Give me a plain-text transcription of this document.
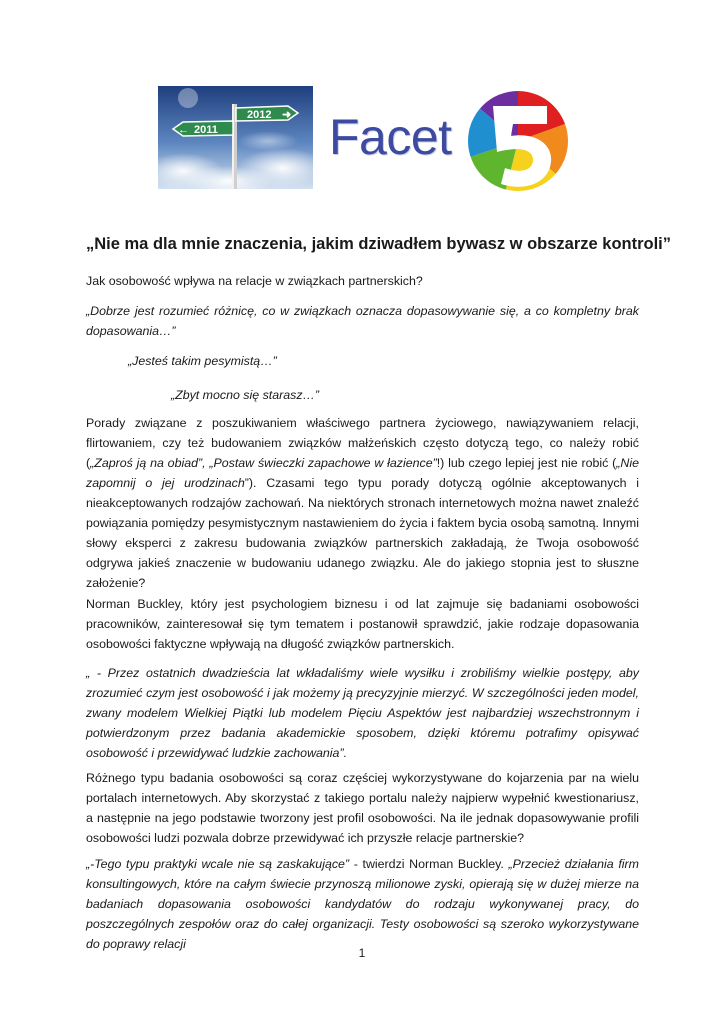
2012 ➜
← 2011 Facet
„Nie ma dla mnie znaczenia, jakim dziwadłem bywasz w obszarze kontroli”

Jak osobowość wpływa na relacje w związkach partnerskich?

„Dobrze jest rozumieć różnicę, co w związkach oznacza dopasowywanie się, a co kompletny brak dopasowania…”

„Jesteś takim pesymistą…”

„Zbyt mocno się starasz…”

Porady związane z poszukiwaniem właściwego partnera życiowego, nawiązywaniem relacji, flirtowaniem, czy też budowaniem związków małżeńskich często dotyczą tego, co należy robić („Zaproś ją na obiad”, „Postaw świeczki zapachowe w łazience”!) lub czego lepiej jest nie robić („Nie zapomnij o jej urodzinach”). Czasami tego typu porady dotyczą ogólnie akceptowanych i nieakceptowanych rodzajów zachowań. Na niektórych stronach internetowych można nawet znaleźć powiązania pomiędzy pesymistycznym nastawieniem do życia i faktem bycia osobą samotną. Innymi słowy eksperci z zakresu budowania związków partnerskich zakładają, że Twoja osobowość odgrywa jakieś znaczenie w budowaniu udanego związku. Ale do jakiego stopnia jest to słuszne założenie?

Norman Buckley, który jest psychologiem biznesu i od lat zajmuje się badaniami osobowości pracowników, zainteresował się tym tematem i postanowił sprawdzić, jakie rodzaje dopasowania osobowości faktyczne wpływają na długość związków partnerskich.

„ - Przez ostatnich dwadzieścia lat wkładaliśmy wiele wysiłku i zrobiliśmy wielkie postępy, aby zrozumieć czym jest osobowość i jak możemy ją precyzyjnie mierzyć. W szczególności jeden model, zwany modelem Wielkiej Piątki lub modelem Pięciu Aspektów jest najbardziej wszechstronnym i potwierdzonym przez badania akademickie sposobem, dzięki któremu potrafimy opisywać osobowość i przewidywać ludzkie zachowania”.

Różnego typu badania osobowości są coraz częściej wykorzystywane do kojarzenia par na wielu portalach internetowych. Aby skorzystać z takiego portalu należy najpierw wypełnić kwestionariusz, a następnie na jego podstawie tworzony jest profil osobowości. Na ile jednak dopasowywanie profili osobowości ludzi pozwala dobrze przewidywać ich przyszłe relacje partnerskie?

„-Tego typu praktyki wcale nie są zaskakujące” - twierdzi Norman Buckley. „Przecież działania firm konsultingowych, które na całym świecie przynoszą milionowe zyski, opierają się w dużej mierze na badaniach dopasowania osobowości kandydatów do rodzaju wykonywanej pracy, do poszczególnych zespołów oraz do całej organizacji. Testy osobowości są szeroko wykorzystywane do poprawy relacji

1
